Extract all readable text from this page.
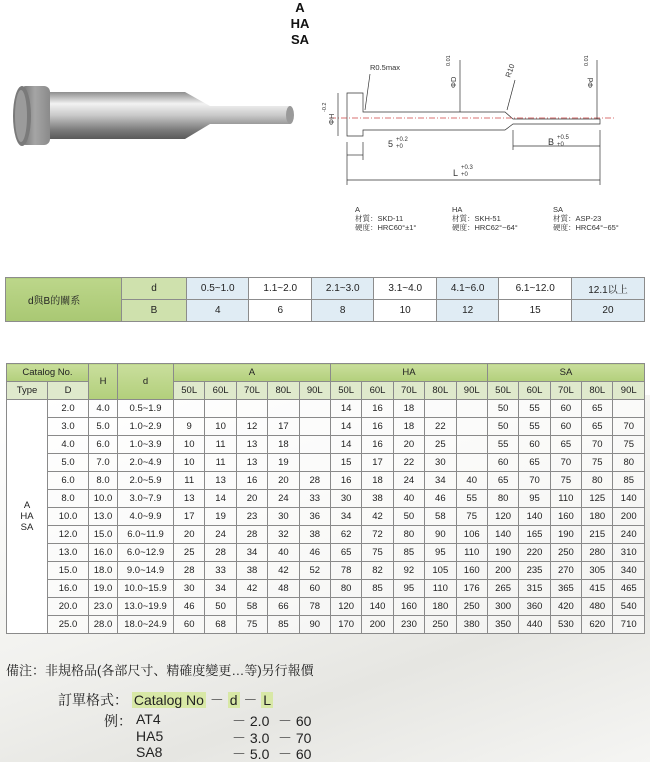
A
HA
SA
R0.5max	R10
ΦD
0.01
Φd
0.01
ΦH
-0.2
5 +0.2
+0	B +0.5
+0
L +0.3
+0
A
材質：SKD-11
硬度：HRC60°±1°
HA
材質：SKH-51
硬度：HRC62°~64°
SA
材質：ASP-23
硬度：HRC64°~65°
d與B的關系	d	0.5~1.0	1.1~2.0	2.1~3.0	3.1~4.0	4.1~6.0	6.1~12.0	12.1以上
	B	4	6	8	10	12	15	20
Catalog No.		H	d	A					HA					SA				
Type	D			50L	60L	70L	80L	90L	50L	60L	70L	80L	90L	50L	60L	70L	80L	90L

A
HA
SA	2.0	4.0	0.5~1.9						14	16	18			50	55	60	65	
	3.0	5.0	1.0~2.9	9	10	12	17		14	16	18	22		50	55	60	65	70
	4.0	6.0	1.0~3.9	10	11	13	18		14	16	20	25		55	60	65	70	75
	5.0	7.0	2.0~4.9	10	11	13	19		15	17	22	30		60	65	70	75	80
	6.0	8.0	2.0~5.9	11	13	16	20	28	16	18	24	34	40	65	70	75	80	85
	8.0	10.0	3.0~7.9	13	14	20	24	33	30	38	40	46	55	80	95	110	125	140
	10.0	13.0	4.0~9.9	17	19	23	30	36	34	42	50	58	75	120	140	160	180	200
	12.0	15.0	6.0~11.9	20	24	28	32	38	62	72	80	90	106	140	165	190	215	240
	13.0	16.0	6.0~12.9	25	28	34	40	46	65	75	85	95	110	190	220	250	280	310
	15.0	18.0	9.0~14.9	28	33	38	42	52	78	82	92	105	160	200	235	270	305	340
	16.0	19.0	10.0~15.9	30	34	42	48	60	80	85	95	110	176	265	315	365	415	465
	20.0	23.0	13.0~19.9	46	50	58	66	78	120	140	160	180	250	300	360	420	480	540
	25.0	28.0	18.0~24.9	60	68	75	85	90	170	200	230	250	380	350	440	530	620	710
備注：非規格品(各部尺寸、精確度變更…等)另行報價
訂單格式： Catalog No － d － L
例： AT4	－ 2.0 － 60
HA5	－ 3.0 － 70
SA8	－ 5.0 － 60
